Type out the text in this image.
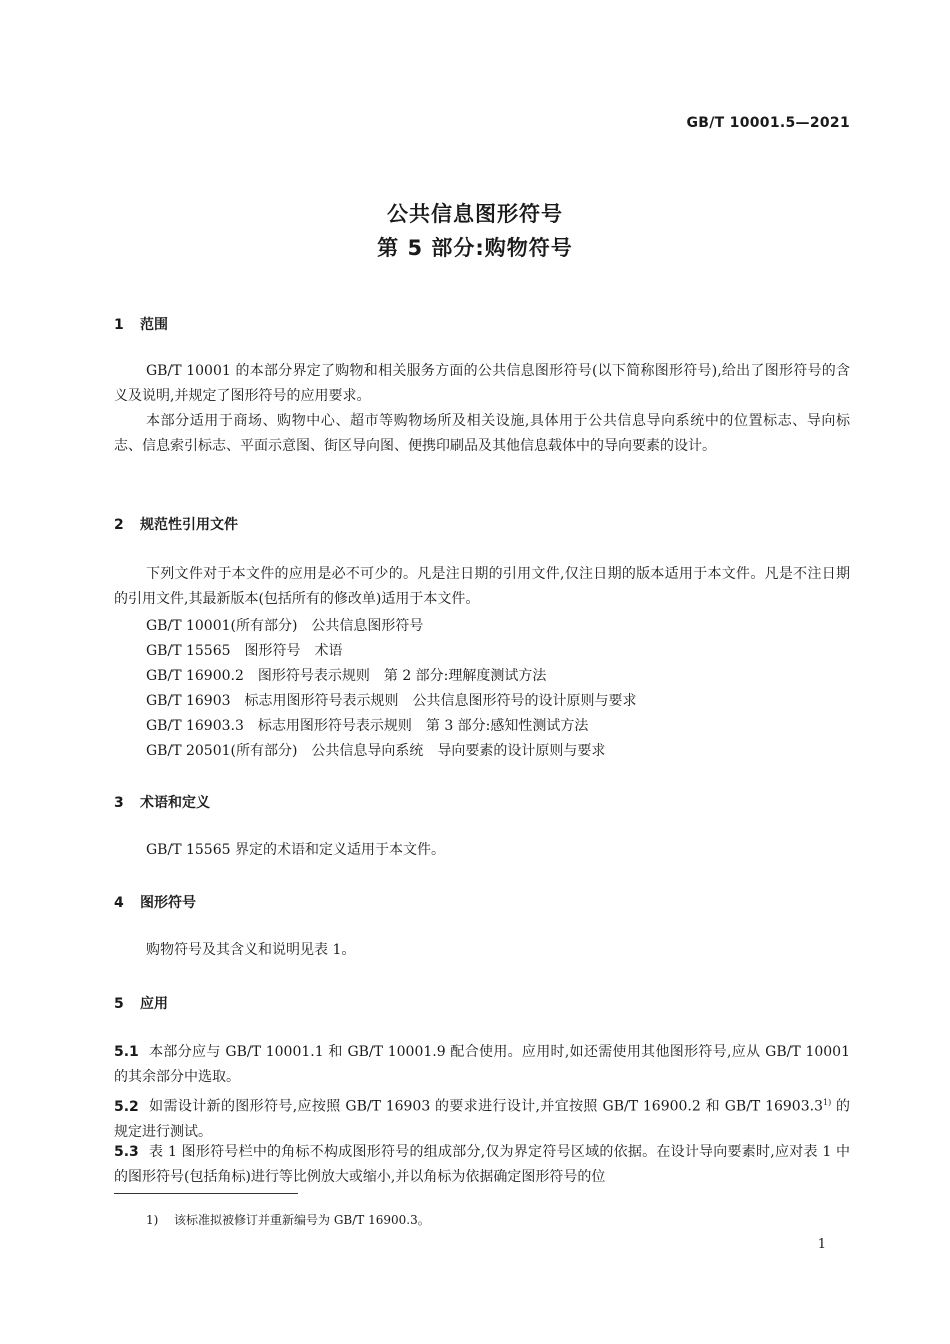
GB/T 10001.5—2021
公共信息图形符号
第 5 部分:购物符号
1 范围

GB/T 10001 的本部分界定了购物和相关服务方面的公共信息图形符号(以下简称图形符号),给出了图形符号的含义及说明,并规定了图形符号的应用要求。

本部分适用于商场、购物中心、超市等购物场所及相关设施,具体用于公共信息导向系统中的位置标志、导向标志、信息索引标志、平面示意图、街区导向图、便携印刷品及其他信息载体中的导向要素的设计。

2 规范性引用文件

下列文件对于本文件的应用是必不可少的。凡是注日期的引用文件,仅注日期的版本适用于本文件。凡是不注日期的引用文件,其最新版本(包括所有的修改单)适用于本文件。

GB/T 10001(所有部分)　公共信息图形符号
GB/T 15565　图形符号　术语
GB/T 16900.2　图形符号表示规则　第 2 部分:理解度测试方法
GB/T 16903　标志用图形符号表示规则　公共信息图形符号的设计原则与要求
GB/T 16903.3　标志用图形符号表示规则　第 3 部分:感知性测试方法
GB/T 20501(所有部分)　公共信息导向系统　导向要素的设计原则与要求
3 术语和定义

GB/T 15565 界定的术语和定义适用于本文件。

4 图形符号

购物符号及其含义和说明见表 1。

5 应用

5.1 本部分应与 GB/T 10001.1 和 GB/T 10001.9 配合使用。应用时,如还需使用其他图形符号,应从 GB/T 10001 的其余部分中选取。

5.2 如需设计新的图形符号,应按照 GB/T 16903 的要求进行设计,并宜按照 GB/T 16900.2 和 GB/T 16903.3$^{1)}$ 的规定进行测试。

5.3 表 1 图形符号栏中的角标不构成图形符号的组成部分,仅为界定符号区域的依据。在设计导向要素时,应对表 1 中的图形符号(包括角标)进行等比例放大或缩小,并以角标为依据确定图形符号的位

1) 该标准拟被修订并重新编号为 GB/T 16900.3。
1
